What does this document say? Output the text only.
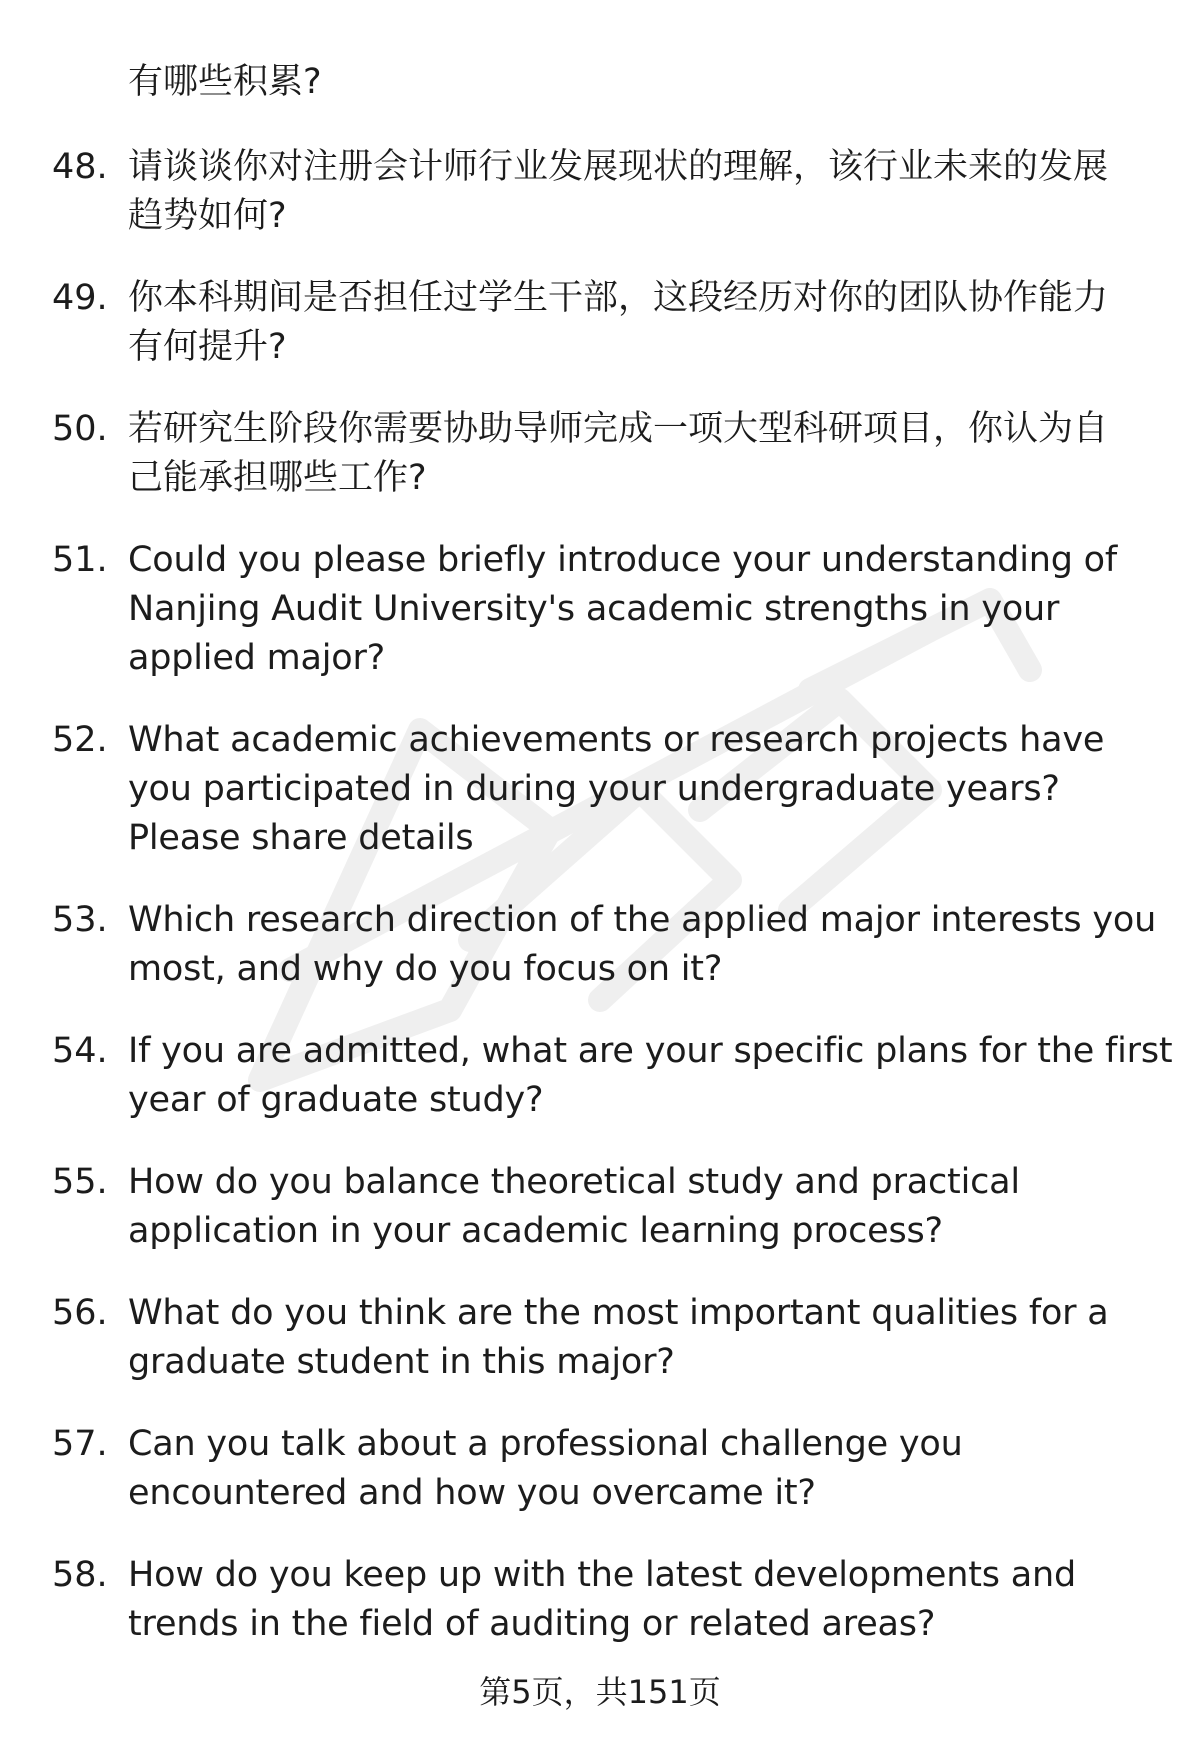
有哪些积累?
48. 请谈谈你对注册会计师行业发展现状的理解，该行业未来的发展
趋势如何?
49. 你本科期间是否担任过学生干部，这段经历对你的团队协作能力
有何提升?
50. 若研究生阶段你需要协助导师完成一项大型科研项目，你认为自
己能承担哪些工作?
51. Could you please briefly introduce your understanding of
Nanjing Audit University's academic strengths in your
applied major?
52. What academic achievements or research projects have
you participated in during your undergraduate years?
Please share details
53. Which research direction of the applied major interests you
most, and why do you focus on it?
54. If you are admitted, what are your specific plans for the first
year of graduate study?
55. How do you balance theoretical study and practical
application in your academic learning process?
56. What do you think are the most important qualities for a
graduate student in this major?
57. Can you talk about a professional challenge you
encountered and how you overcame it?
58. How do you keep up with the latest developments and
trends in the field of auditing or related areas?
第5页，共151页
